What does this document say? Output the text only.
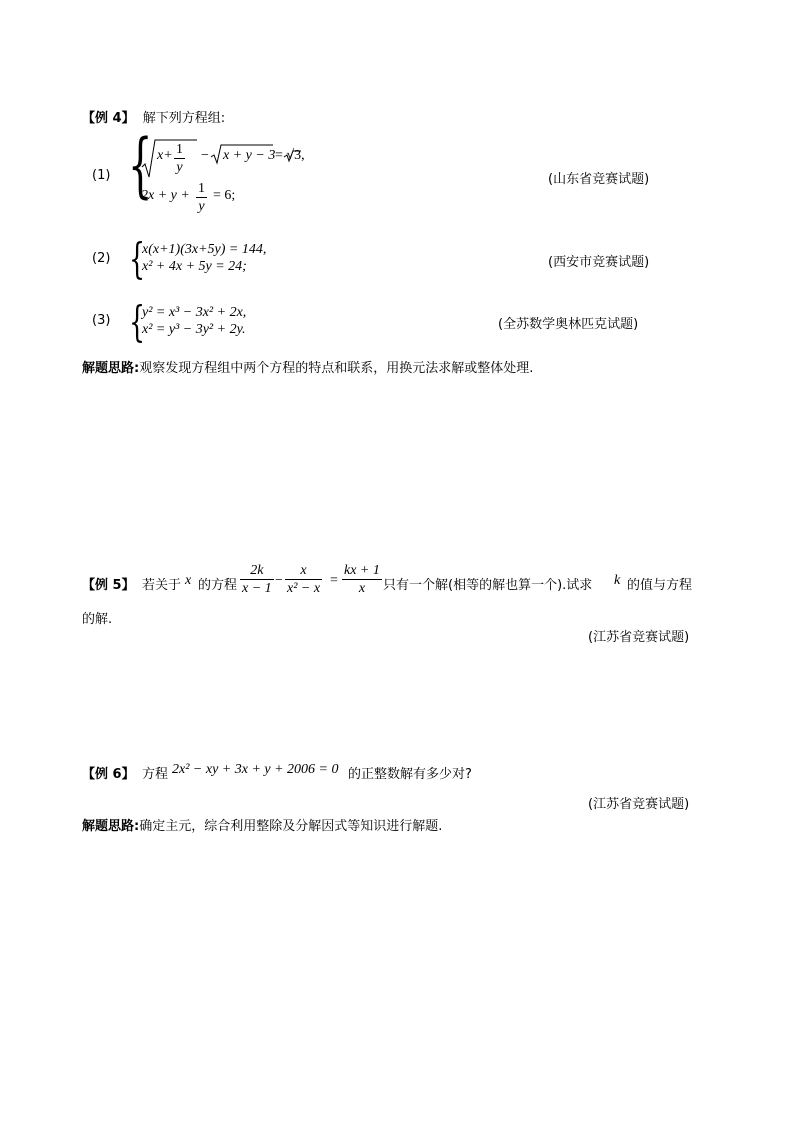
【例 4】 解下列方程组:
(1) { $x+ \frac{1}{y} - x + y - 3 = √3$,
$2x + y + \frac{1}{y} = 6$;
(山东省竞赛试题)
(2) {
x(x+1)(3x+5y) = 144,
x² + 4x + 5y = 24;	(西安市竞赛试题)
(3) {
y² = x³ − 3x² + 2x,
x² = y³ − 3y² + 2y.	(全苏数学奥林匹克试题)
解题思路:观察发现方程组中两个方程的特点和联系，用换元法求解或整体处理.
【例 5】 若关于 x 的方程 $\frac{2k}{x - 1} - \frac{x}{\text{x² − x}} = \frac{kx + 1}{x}$ 只有一个解(相等的解也算一个).试求 k 的值与方程
的解.
(江苏省竞赛试题)
【例 6】 方程 2x² − xy + 3x + y + 2006 = 0 的正整数解有多少对?
(江苏省竞赛试题)
解题思路:确定主元，综合利用整除及分解因式等知识进行解题.
